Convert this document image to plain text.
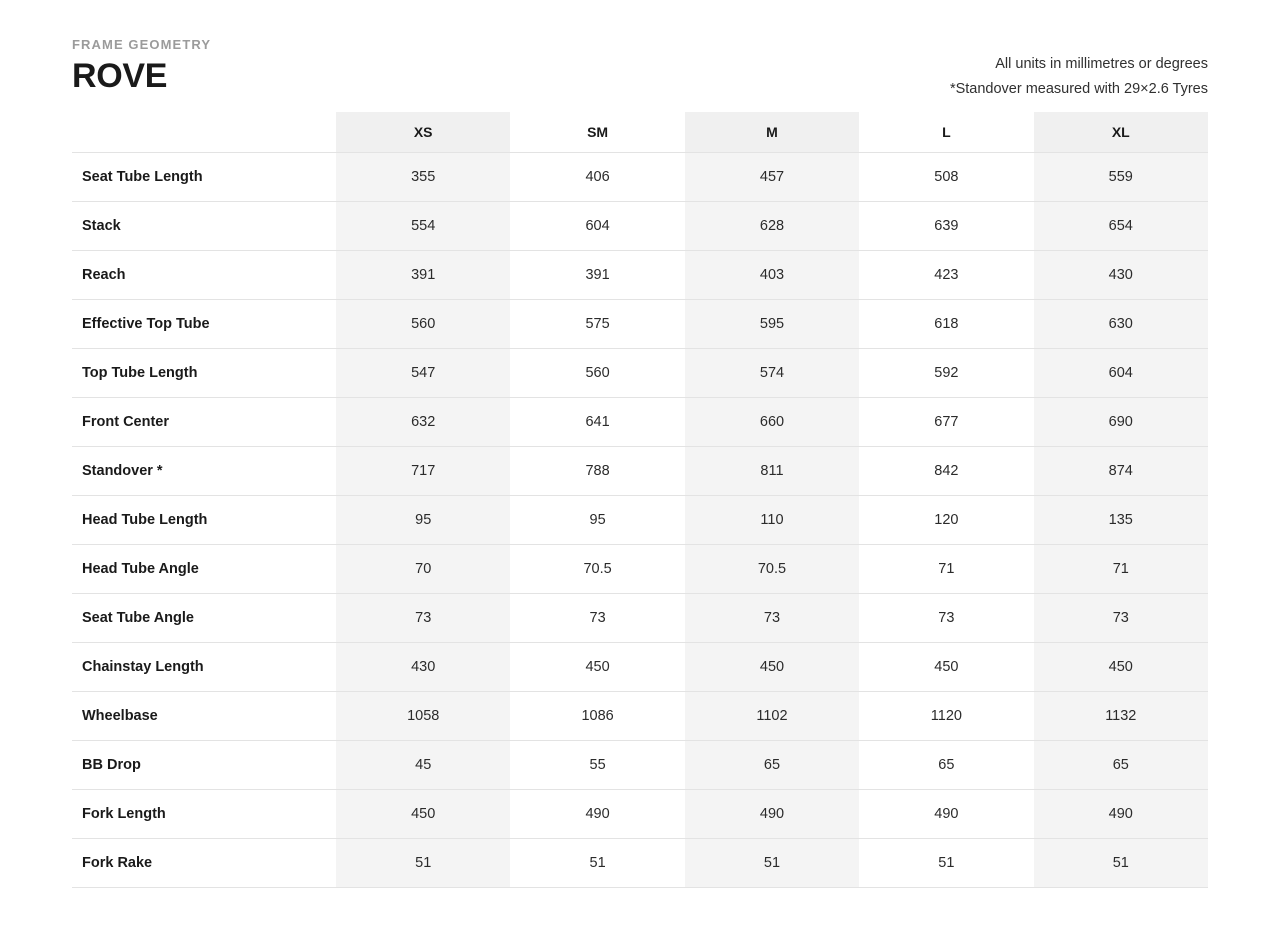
FRAME GEOMETRY

ROVE	All units in millimetres or degrees
*Standover measured with 29×2.6 Tyres
	XS	SM	M	L	XL
Seat Tube Length	355	406	457	508	559
Stack	554	604	628	639	654
Reach	391	391	403	423	430
Effective Top Tube	560	575	595	618	630
Top Tube Length	547	560	574	592	604
Front Center	632	641	660	677	690
Standover *	717	788	811	842	874
Head Tube Length	95	95	110	120	135
Head Tube Angle	70	70.5	70.5	71	71
Seat Tube Angle	73	73	73	73	73
Chainstay Length	430	450	450	450	450
Wheelbase	1058	1086	1102	1120	1132
BB Drop	45	55	65	65	65
Fork Length	450	490	490	490	490
Fork Rake	51	51	51	51	51
